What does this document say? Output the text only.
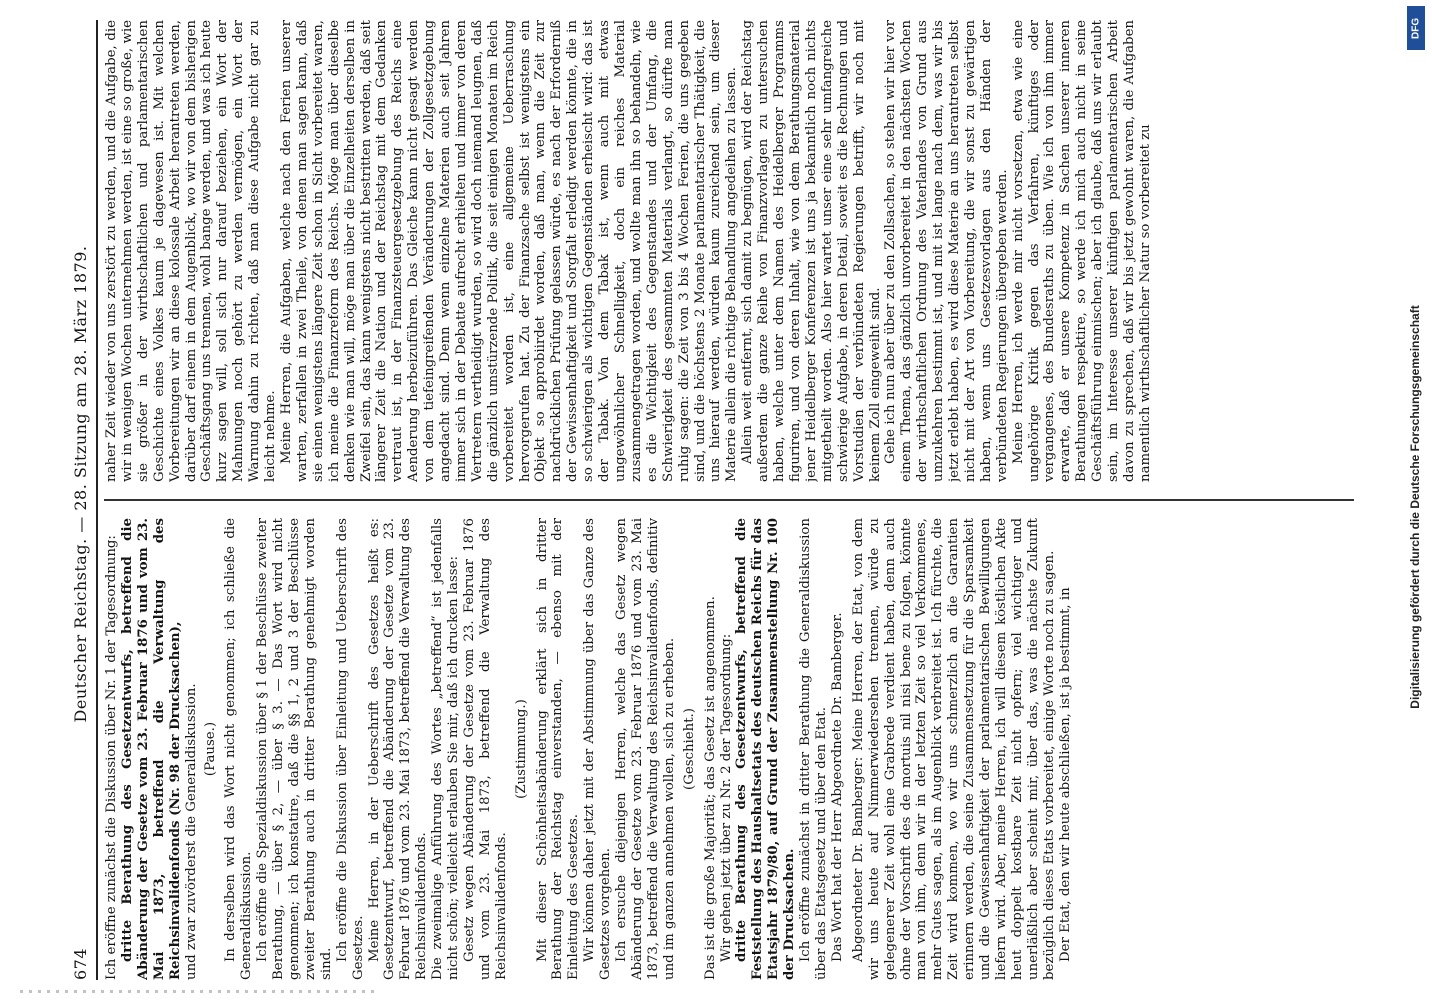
DFG
674
Deutscher Reichstag. — 28. Sitzung am 28. März 1879.

Ich eröffne zunächst die Diskussion über Nr. 1 der Tagesordnung: dritte Berathung des Gesetzentwurfs, betreffend die Abänderung der Gesetze vom 23. Februar 1876 und vom 23. Mai 1873, betreffend die Verwaltung des Reichsinvalidenfonds (Nr. 98 der Drucksachen), und zwar zuvörderst die Generaldiskussion. (Pause.) In derselben wird das Wort nicht genommen; ich schließe die Generaldiskussion. Ich eröffne die Spezialdiskussion über § 1 der Beschlüsse zweiter Berathung, — über § 2, — über § 3. — Das Wort wird nicht genommen; ich konstatire, daß die §§ 1, 2 und 3 der Beschlüsse zweiter Berathung auch in dritter Berathung genehmigt worden sind.

Ich eröffne die Diskussion über Einleitung und Ueberschrift des Gesetzes. Meine Herren, in der Ueberschrift des Gesetzes heißt es: Gesetzentwurf, betreffend die Abänderung der Gesetze vom 23. Februar 1876 und vom 23. Mai 1873, betreffend die Verwaltung des Reichsinvalidenfonds. Die zweimalige Anführung des Wortes „betreffend“ ist jedenfalls nicht schön; vielleicht erlauben Sie mir, daß ich drucken lasse: Gesetz wegen Abänderung der Gesetze vom 23. Februar 1876 und vom 23. Mai 1873, betreffend die Verwaltung des Reichsinvalidenfonds.

(Zustimmung.) Mit dieser Schönheitsabänderung erklärt sich in dritter Berathung der Reichstag einverstanden, — ebenso mit der Einleitung des Gesetzes. Wir können daher jetzt mit der Abstimmung über das Ganze des Gesetzes vorgehen. Ich ersuche diejenigen Herren, welche das Gesetz wegen Abänderung der Gesetze vom 23. Februar 1876 und vom 23. Mai 1873, betreffend die Verwaltung des Reichsinvalidenfonds, definitiv und im ganzen annehmen wollen, sich zu erheben. (Geschieht.) Das ist die große Majorität; das Gesetz ist angenommen. Wir gehen jetzt über zu Nr. 2 der Tagesordnung: dritte Berathung des Gesetzentwurfs, betreffend die Feststellung des Haushaltsetats des deutschen Reichs für das Etatsjahr 1879/80, auf Grund der Zusammenstellung Nr. 100 der Drucksachen. Ich eröffne zunächst in dritter Berathung die Generaldiskussion über das Etatsgesetz und über den Etat. Das Wort hat der Herr Abgeordnete Dr. Bamberger. Abgeordneter Dr. Bamberger: Meine Herren, der Etat, von dem wir uns heute auf Nimmerwiedersehen trennen, würde zu gelegenerer Zeit wohl eine Grabrede verdient haben, denn auch ohne der Vorschrift des de mortuis nil nisi bene zu folgen, könnte man von ihm, denn wir in der letzten Zeit so viel Verkommenes, mehr Gutes sagen, als im Augenblick verbreitet ist. Ich fürchte, die Zeit wird kommen, wo wir uns schmerzlich an die Garantien erinnern werden, die seine Zusammensetzung für die Sparsamkeit und die Gewissenhaftigkeit der parlamentarischen Bewilligungen liefern wird. Aber, meine Herren, ich will diesem köstlichen Akte heut doppelt kostbare Zeit nicht opfern; viel wichtiger und unerläßlich aber scheint mir, über das, was die nächste Zukunft bezüglich dieses Etats vorbereitet, einige Worte noch zu sagen. Der Etat, den wir heute abschließen, ist ja bestimmt, in

naher Zeit wieder von uns zerstört zu werden, und die Aufgabe, die wir in wenigen Wochen unternehmen werden, ist eine so große, wie sie größer in der wirthschaftlichen und parlamentarischen Geschichte eines Volkes kaum je dagewesen ist. Mit welchen Vorbereitungen wir an diese kolossale Arbeit herantreten werden, darüber darf einem in dem Augenblick, wo wir von dem bisherigen Geschäftsgang uns trennen, wohl bange werden, und was ich heute kurz sagen will, soll sich nur darauf beziehen, ein Wort der Mahnungen noch gehört zu werden vermögen, ein Wort der Warnung dahin zu richten, daß man diese Aufgabe nicht gar zu leicht nehme. Meine Herren, die Aufgaben, welche nach den Ferien unserer warten, zerfallen in zwei Theile, von denen man sagen kann, daß sie einen wenigstens längere Zeit schon in Sicht vorbereitet waren, ich meine die Finanzreform des Reichs. Möge man über dieselbe denken wie man will, möge man über die Einzelheiten derselben in Zweifel sein, das kann wenigstens nicht bestritten werden, daß seit längerer Zeit die Nation und der Reichstag mit dem Gedanken vertraut ist, in der Finanzsteuergesetzgebung des Reichs eine Aenderung herbeizuführen. Das Gleiche kann nicht gesagt werden von dem tiefeingreifenden Veränderungen der Zollgesetzgebung angedacht sind. Denn wenn einzelne Materien auch seit Jahren immer sich in der Debatte aufrecht erhielten und immer von deren Vertretern vertheidigt wurden, so wird doch niemand leugnen, daß die gänzlich umstürzende Politik, die seit einigen Monaten im Reich vorbereitet worden ist, eine allgemeine Ueberraschung hervorgerufen hat. Zu der Finanzsache selbst ist wenigstens ein Objekt so approbiirdet worden, daß man, wenn die Zeit zur nachdrücklichen Prüfung gelassen würde, es nach der Erforderniß der Gewissenhaftigkeit und Sorgfalt erledigt werden könnte, die in so schwierigen als wichtigen Gegenständen erheischt wird: das ist der Tabak. Von dem Tabak ist, wenn auch mit etwas ungewöhnlicher Schnelligkeit, doch ein reiches Material zusammengetragen worden, und wollte man ihn so behandeln, wie es die Wichtigkeit des Gegenstandes und der Umfang, die Schwierigkeit des gesammten Materials verlangt, so dürfte man ruhig sagen: die Zeit von 3 bis 4 Wochen Ferien, die uns gegeben sind, und die höchstens 2 Monate parlamentarischer Thätigkeit, die uns hierauf werden, würden kaum zureichend sein, um dieser Materie allein die richtige Behandlung angedeihen zu lassen. Allein weit entfernt, sich damit zu begnügen, wird der Reichstag außerdem die ganze Reihe von Finanzvorlagen zu untersuchen haben, welche unter dem Namen des Heidelberger Programms figuriren, und von deren Inhalt, wie von dem Berathungsmaterial jener Heidelberger Konferenzen ist uns ja bekanntlich noch nichts mitgetheilt worden. Also hier wartet unser eine sehr umfangreiche schwierige Aufgabe, in deren Detail, soweit es die Rechnungen und Vorstudien der verbündeten Regierungen betrifft, wir noch mit keinem Zoll eingeweiht sind. Gehe ich nun aber über zu den Zollsachen, so stehen wir hier vor einem Thema, das gänzlich unvorbereitet in den nächsten Wochen der wirthschaftlichen Ordnung des Vaterlandes von Grund aus umzukehren bestimmt ist, und mit ist lange nach dem, was wir bis jetzt erlebt haben, es wird diese Materie an uns herantreten selbst nicht mit der Art von Vorbereitung, die wir sonst zu gewärtigen haben, wenn uns Gesetzesvorlagen aus den Händen der verbündeten Regierungen übergeben werden. Meine Herren, ich werde mir nicht vorsetzen, etwa wie eine ungehörige Kritik gegen das Verfahren, künftiges oder vergangenes, des Bundesraths zu üben. Wie ich von ihm immer erwarte, daß er unsere Kompetenz in Sachen unserer inneren Berathungen respektire, so werde ich mich auch nicht in seine Geschäftsführung einmischen; aber ich glaube, daß uns wir erlaubt sein, im Interesse unserer künftigen parlamentarischen Arbeit davon zu sprechen, daß wir bis jetzt gewohnt waren, die Aufgaben namentlich wirthschaftlicher Natur so vorbereitet zu

Digitalisierung gefördert durch die Deutsche Forschungsgemeinschaft
